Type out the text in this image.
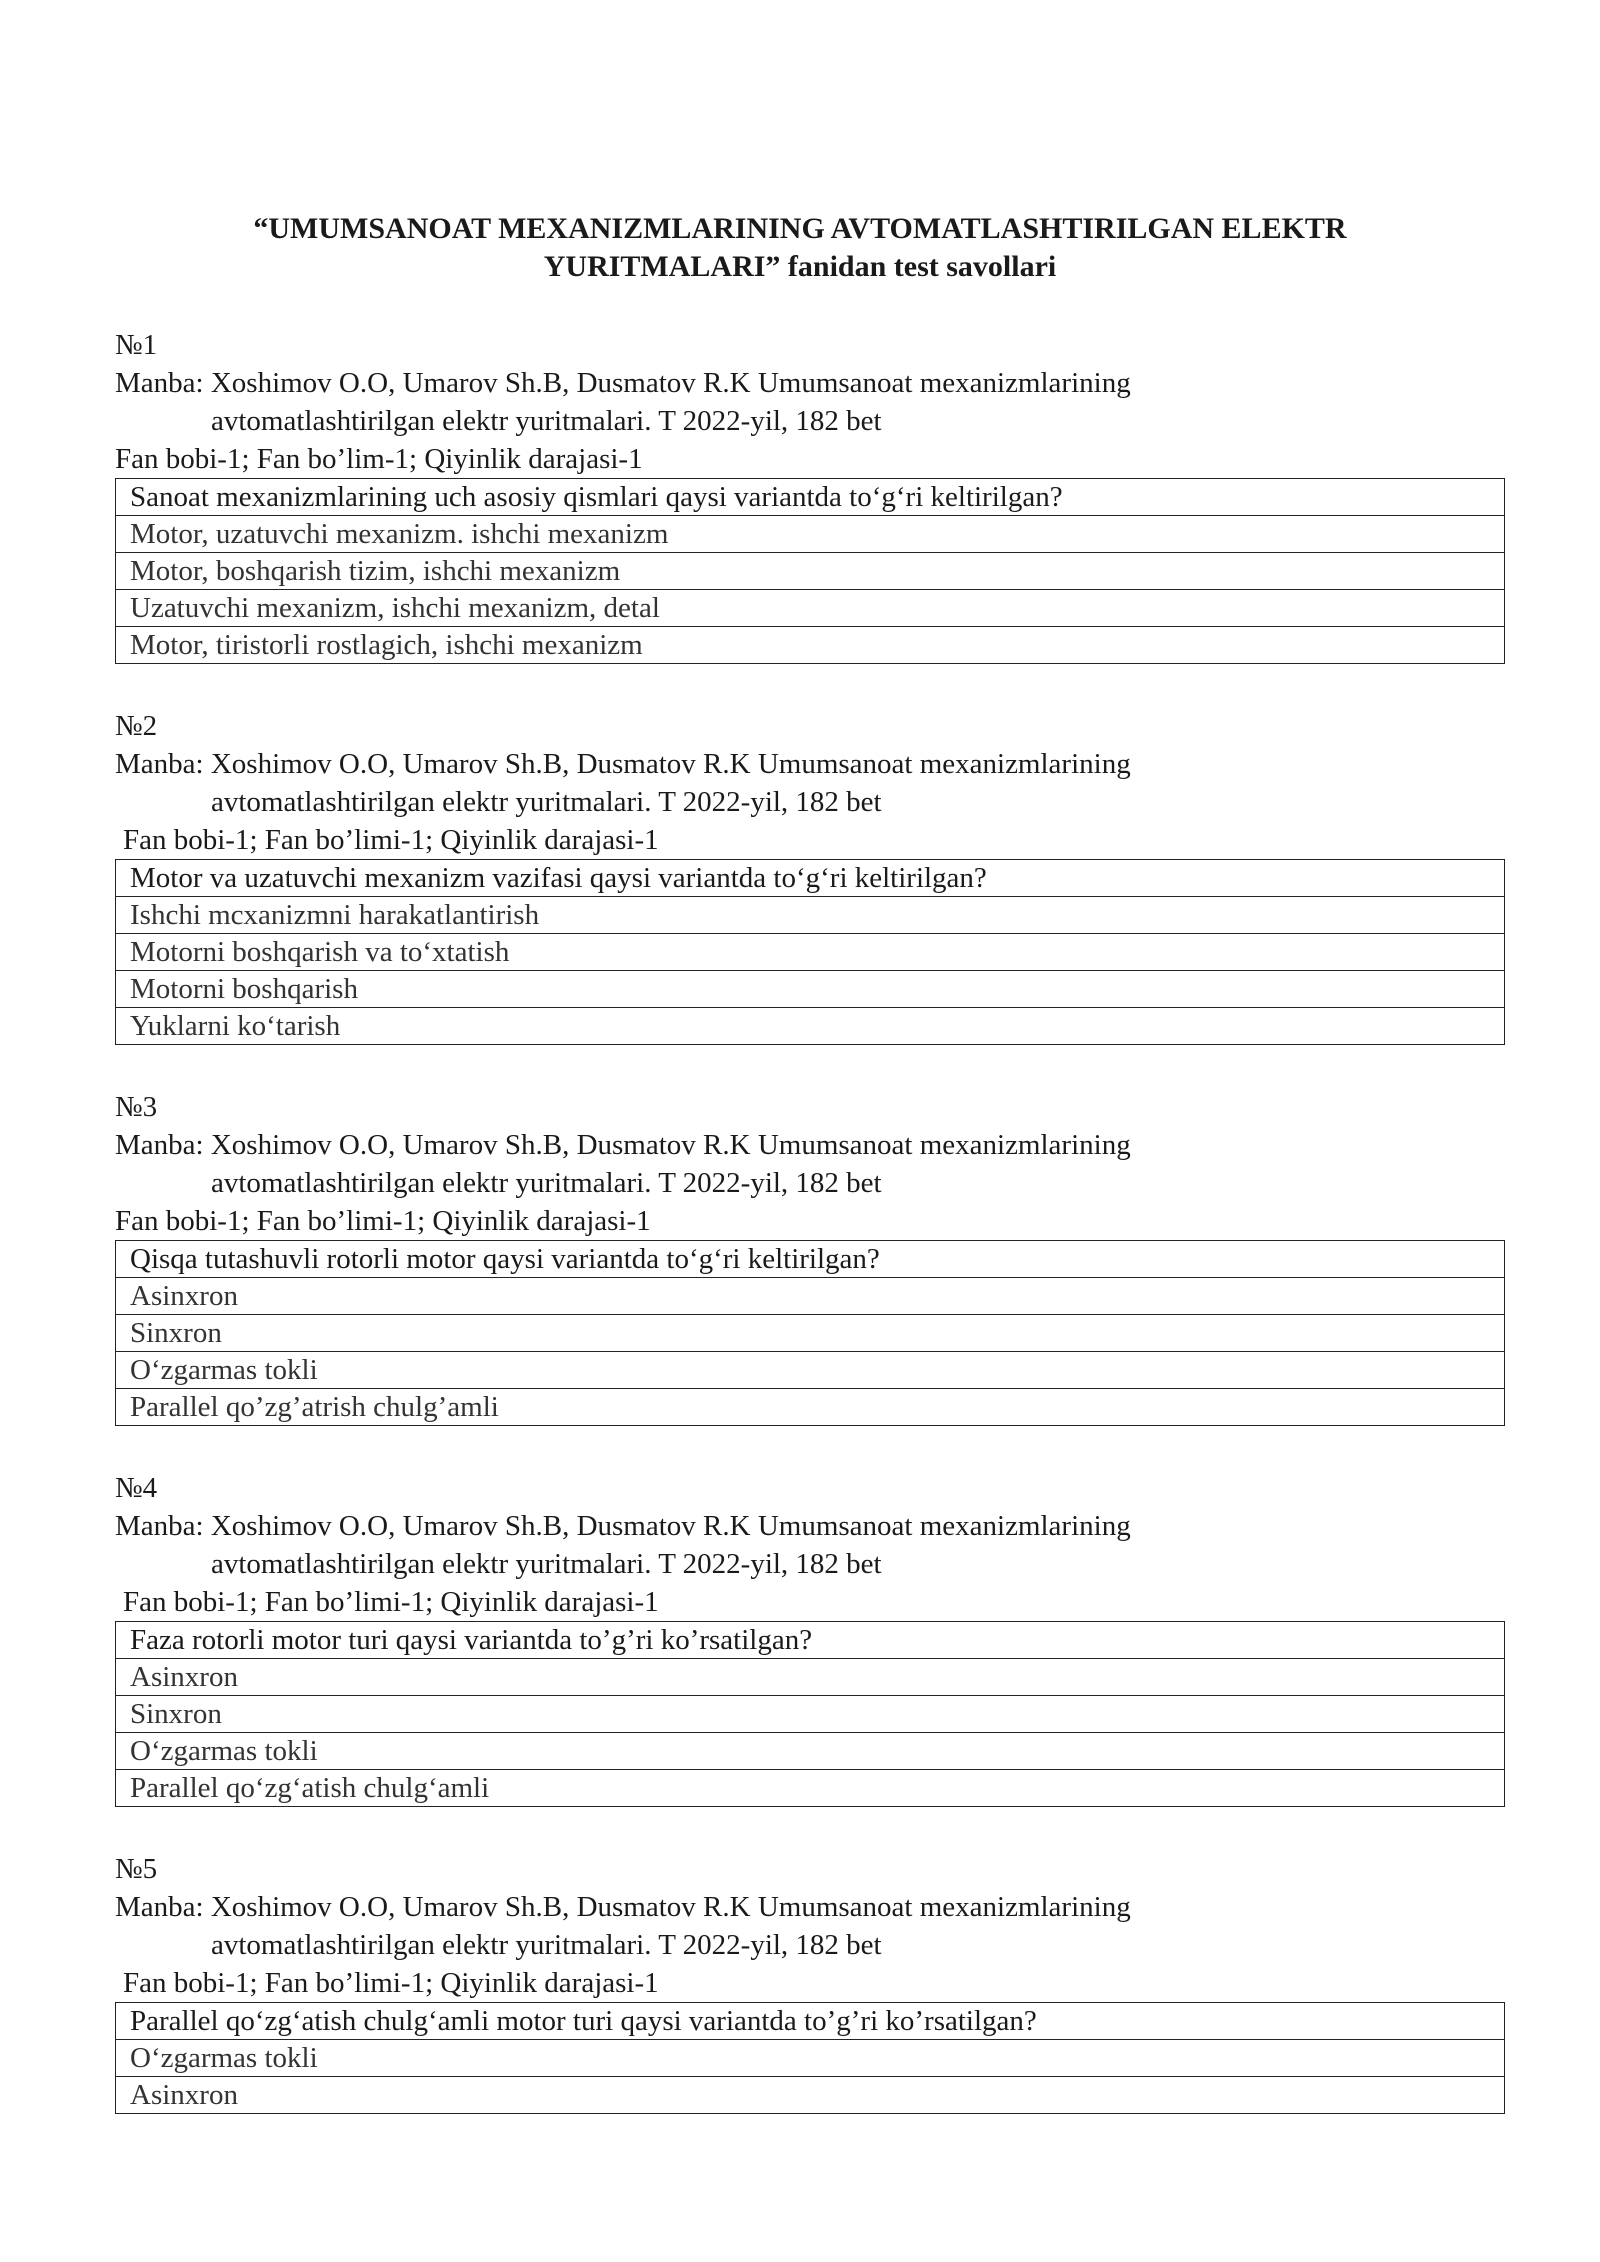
“UMUMSANOAT MEXANIZMLARINING AVTOMATLASHTIRILGAN ELEKTR
YURITMALARI” fanidan test savollari
№1
Manba: Xoshimov O.O, Umarov Sh.B, Dusmatov R.K Umumsanoat mexanizmlarining
avtomatlashtirilgan elektr yuritmalari. T 2022-yil, 182 bet
Fan bobi-1; Fan bo’lim-1; Qiyinlik darajasi-1
Sanoat mexanizmlarining uch asosiy qismlari qaysi variantda to‘g‘ri keltirilgan?
Motor, uzatuvchi mexanizm. ishchi mexanizm
Motor, boshqarish tizim, ishchi mexanizm
Uzatuvchi mexanizm, ishchi mexanizm, detal
Motor, tiristorli rostlagich, ishchi mexanizm
№2
Manba: Xoshimov O.O, Umarov Sh.B, Dusmatov R.K Umumsanoat mexanizmlarining
avtomatlashtirilgan elektr yuritmalari. T 2022-yil, 182 bet
Fan bobi-1; Fan bo’limi-1; Qiyinlik darajasi-1
Motor va uzatuvchi mexanizm vazifasi qaysi variantda to‘g‘ri keltirilgan?
Ishchi mcxanizmni harakatlantirish
Motorni boshqarish va to‘xtatish
Motorni boshqarish
Yuklarni ko‘tarish
№3
Manba: Xoshimov O.O, Umarov Sh.B, Dusmatov R.K Umumsanoat mexanizmlarining
avtomatlashtirilgan elektr yuritmalari. T 2022-yil, 182 bet
Fan bobi-1; Fan bo’limi-1; Qiyinlik darajasi-1
Qisqa tutashuvli rotorli motor qaysi variantda to‘g‘ri keltirilgan?
Asinxron
Sinxron
O‘zgarmas tokli
Parallel qo’zg’atrish chulg’amli
№4
Manba: Xoshimov O.O, Umarov Sh.B, Dusmatov R.K Umumsanoat mexanizmlarining
avtomatlashtirilgan elektr yuritmalari. T 2022-yil, 182 bet
Fan bobi-1; Fan bo’limi-1; Qiyinlik darajasi-1
Faza rotorli motor turi qaysi variantda to’g’ri ko’rsatilgan?
Asinxron
Sinxron
O‘zgarmas tokli
Parallel qo‘zg‘atish chulg‘amli
№5
Manba: Xoshimov O.O, Umarov Sh.B, Dusmatov R.K Umumsanoat mexanizmlarining
avtomatlashtirilgan elektr yuritmalari. T 2022-yil, 182 bet
Fan bobi-1; Fan bo’limi-1; Qiyinlik darajasi-1
Parallel qo‘zg‘atish chulg‘amli motor turi qaysi variantda to’g’ri ko’rsatilgan?
O‘zgarmas tokli
Asinxron
